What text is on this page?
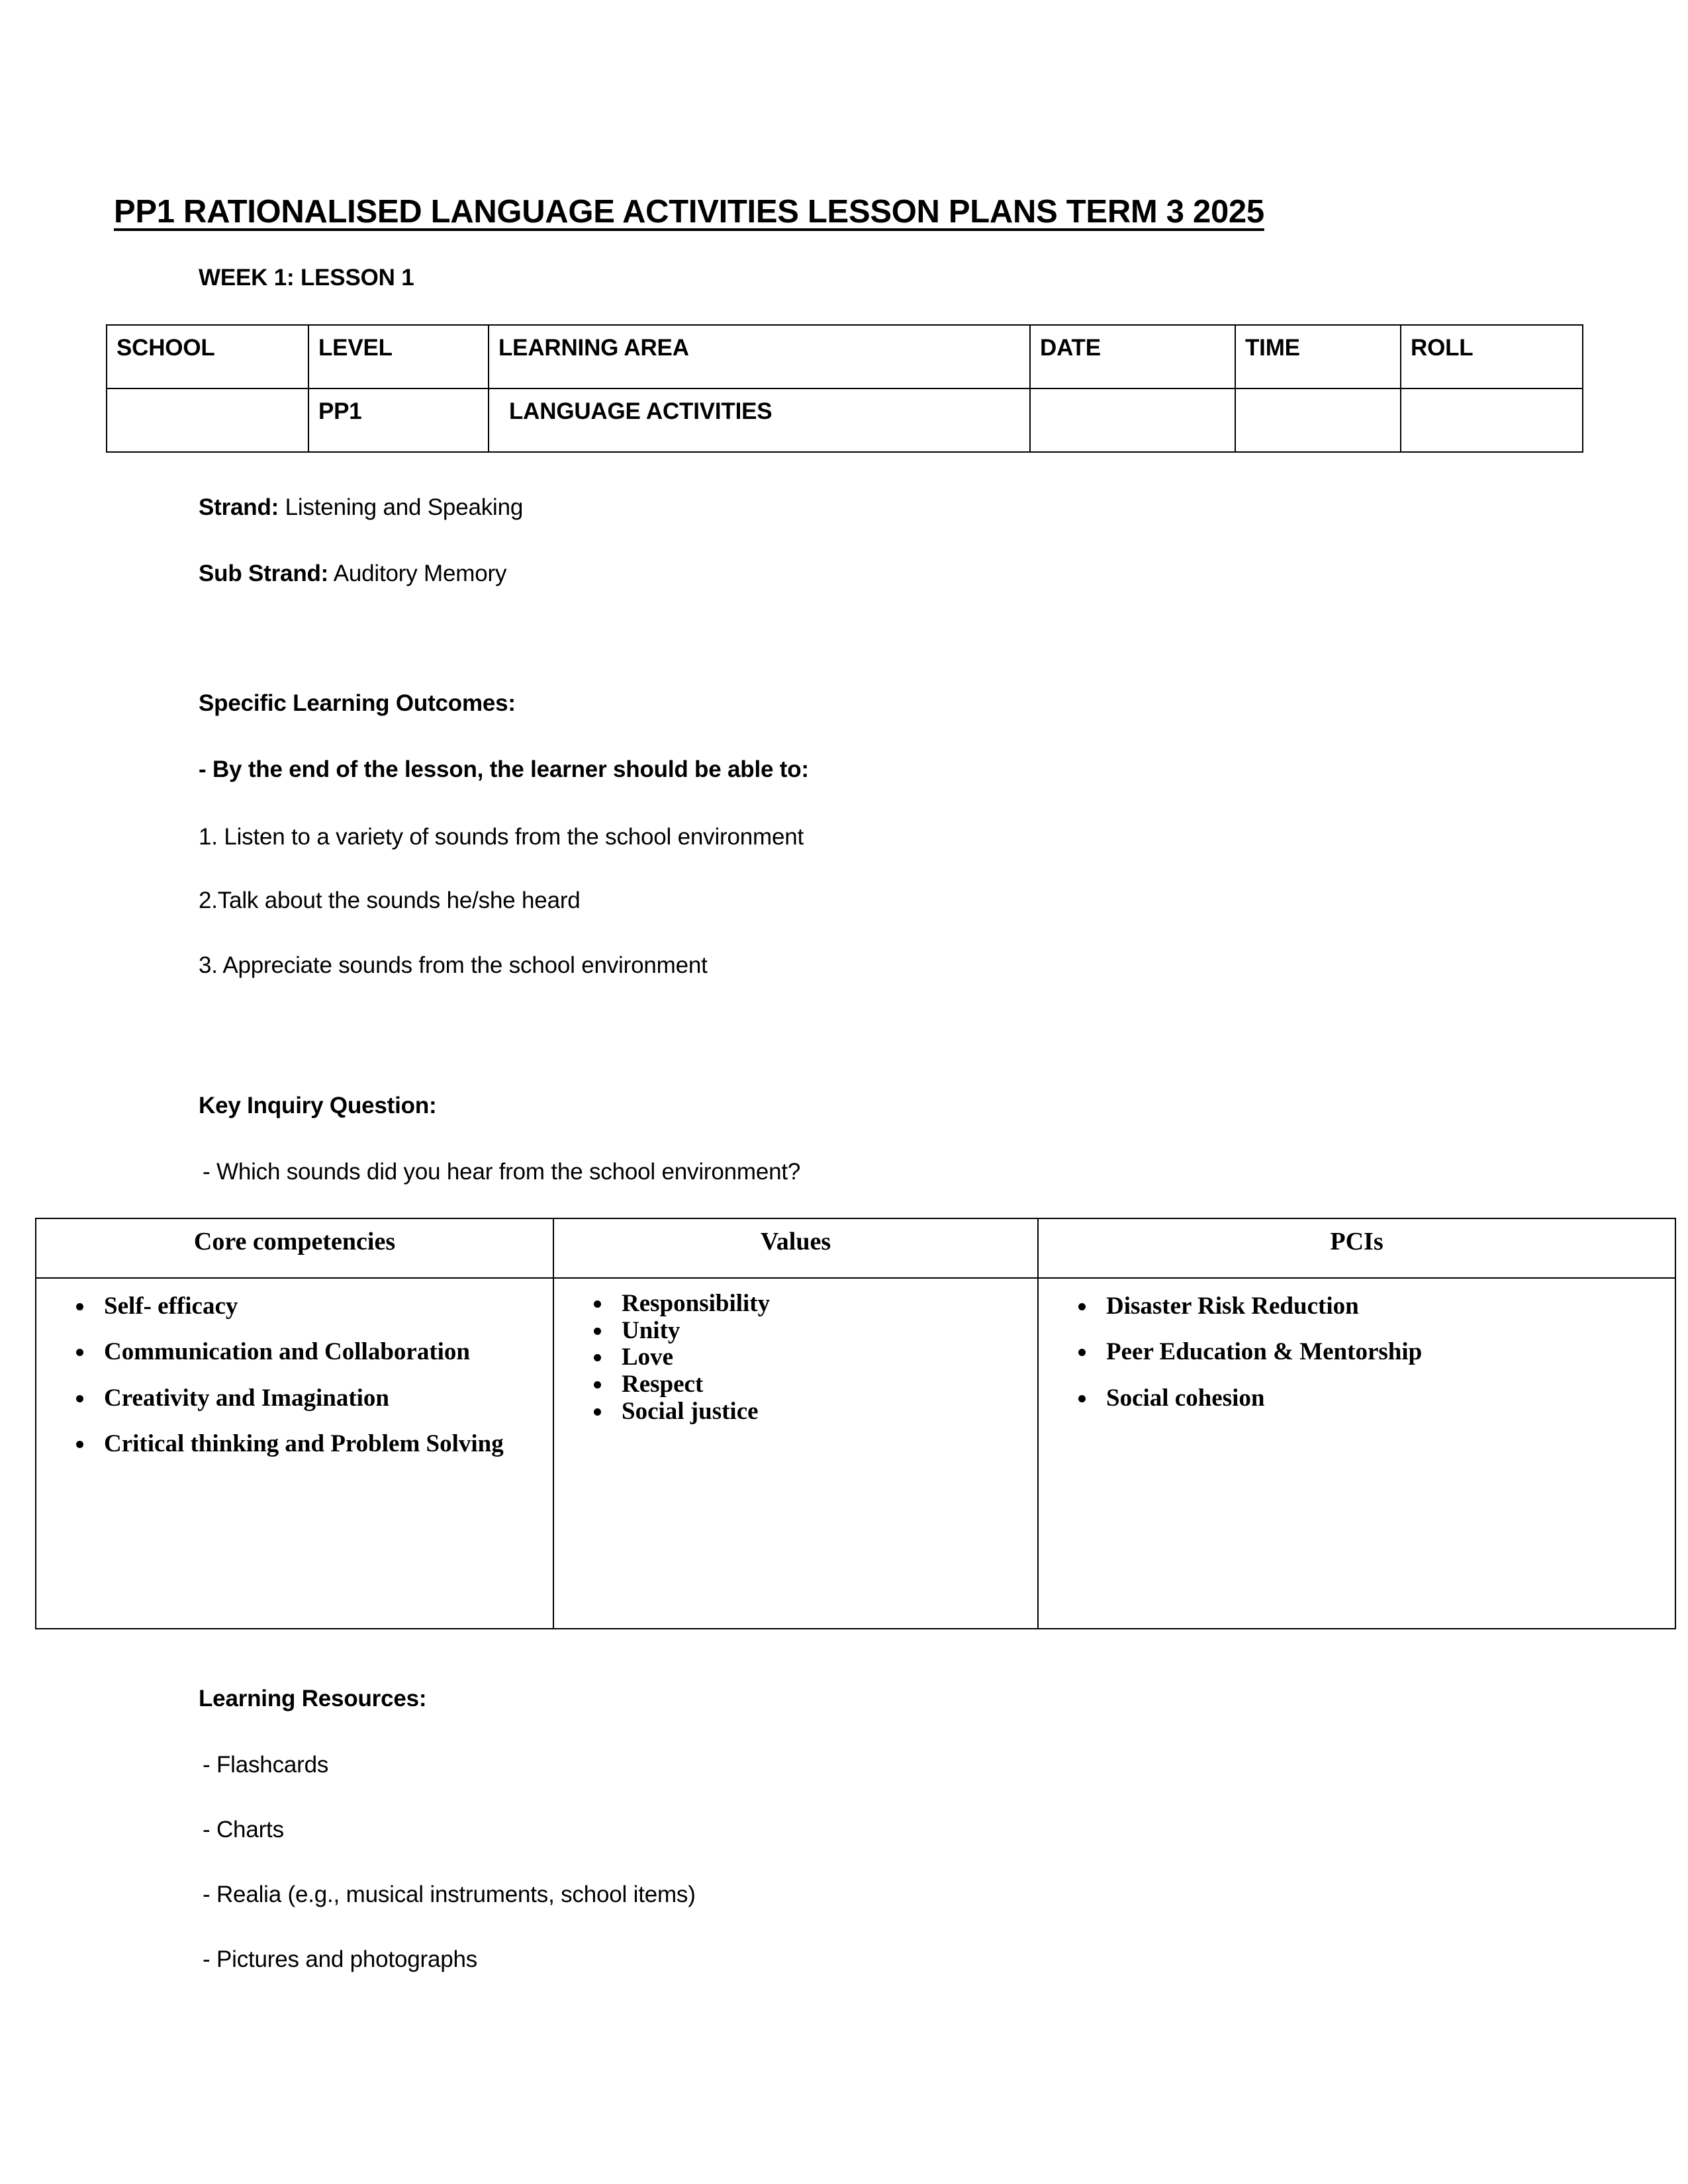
PP1 RATIONALISED LANGUAGE ACTIVITIES LESSON PLANS TERM 3 2025
WEEK 1: LESSON 1
SCHOOL	LEVEL	LEARNING AREA	DATE	TIME	ROLL
	PP1	LANGUAGE ACTIVITIES			
Strand: Listening and Speaking
Sub Strand: Auditory Memory
Specific Learning Outcomes:
- By the end of the lesson, the learner should be able to:
1. Listen to a variety of sounds from the school environment
2.Talk about the sounds he/she heard
3. Appreciate sounds from the school environment
Key Inquiry Question:
- Which sounds did you hear from the school environment?
Core competencies	Values	PCIs

• Self- efficacy
• Communication and Collaboration
• Creativity and Imagination
• Critical thinking and Problem Solving

• Responsibility
• Unity
• Love
• Respect
• Social justice

• Disaster Risk Reduction
• Peer Education & Mentorship
• Social cohesion
Learning Resources:
- Flashcards
- Charts
- Realia (e.g., musical instruments, school items)
- Pictures and photographs
